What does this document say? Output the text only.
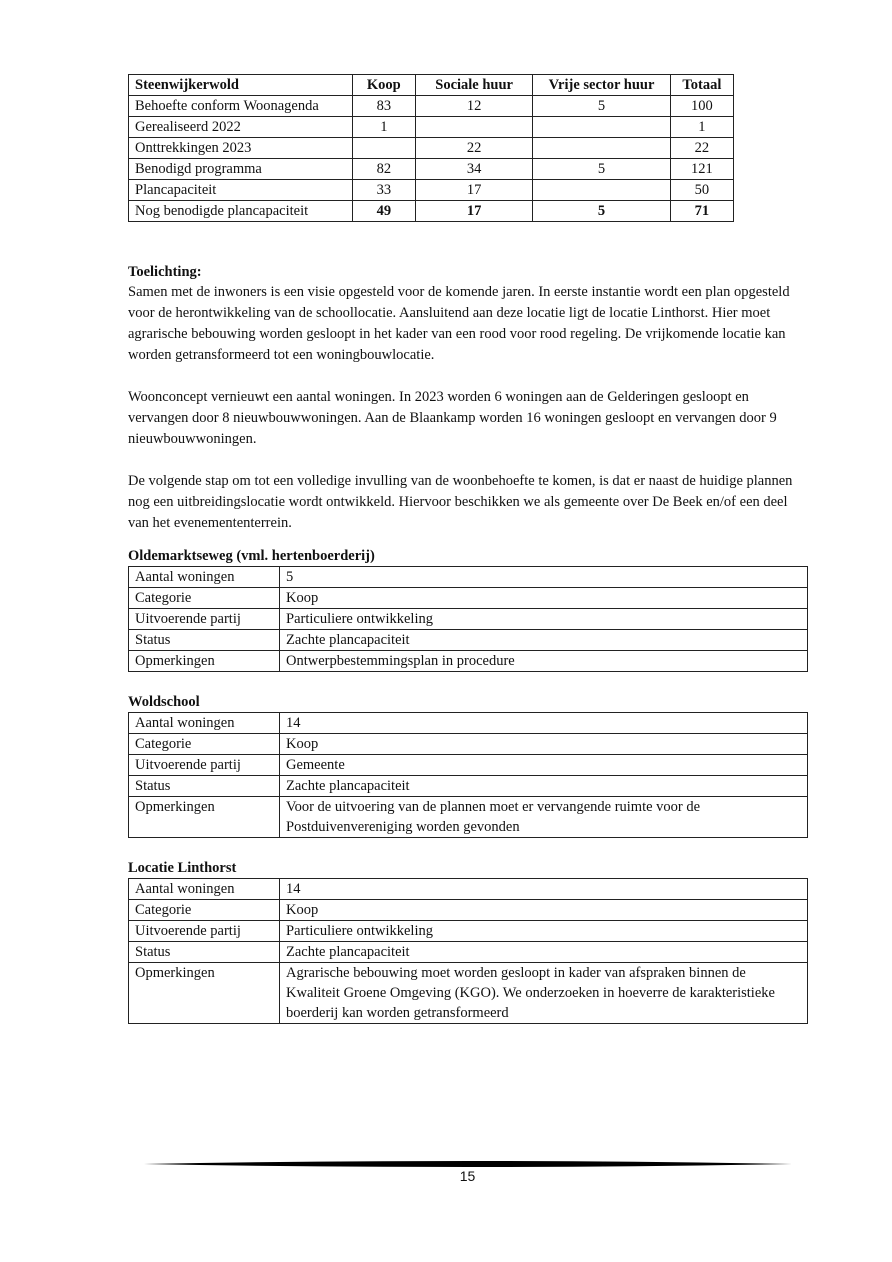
Steenwijkerwold	Koop	Sociale huur	Vrije sector huur	Totaal
Behoefte conform Woonagenda	83	12	5	100
Gerealiseerd 2022	1			1
Onttrekkingen 2023		22		22
Benodigd programma	82	34	5	121
Plancapaciteit	33	17		50
Nog benodigde plancapaciteit	49	17	5	71

Toelichting:

Samen met de inwoners is een visie opgesteld voor de komende jaren. In eerste instantie wordt een plan opgesteld voor de herontwikkeling van de schoollocatie. Aansluitend aan deze locatie ligt de locatie Linthorst. Hier moet agrarische bebouwing worden gesloopt in het kader van een rood voor rood regeling. De vrijkomende locatie kan worden getransformeerd tot een woningbouwlocatie.

Woonconcept vernieuwt een aantal woningen. In 2023 worden 6 woningen aan de Gelderingen gesloopt en vervangen door 8 nieuwbouwwoningen. Aan de Blaankamp worden 16 woningen gesloopt en vervangen door 9 nieuwbouwwoningen.

De volgende stap om tot een volledige invulling van de woonbehoefte te komen, is dat er naast de huidige plannen nog een uitbreidingslocatie wordt ontwikkeld. Hiervoor beschikken we als gemeente over De Beek en/of een deel van het evenemententerrein.

Oldemarktseweg (vml. hertenboerderij)

Aantal woningen	5
Categorie	Koop
Uitvoerende partij	Particuliere ontwikkeling
Status	Zachte plancapaciteit
Opmerkingen	Ontwerpbestemmingsplan in procedure

Woldschool

Aantal woningen	14
Categorie	Koop
Uitvoerende partij	Gemeente
Status	Zachte plancapaciteit
Opmerkingen	Voor de uitvoering van de plannen moet er vervangende ruimte voor de Postduivenvereniging worden gevonden

Locatie Linthorst

Aantal woningen	14
Categorie	Koop
Uitvoerende partij	Particuliere ontwikkeling
Status	Zachte plancapaciteit
Opmerkingen	Agrarische bebouwing moet worden gesloopt in kader van afspraken binnen de Kwaliteit Groene Omgeving (KGO). We onderzoeken in hoeverre de karakteristieke boerderij kan worden getransformeerd
15
